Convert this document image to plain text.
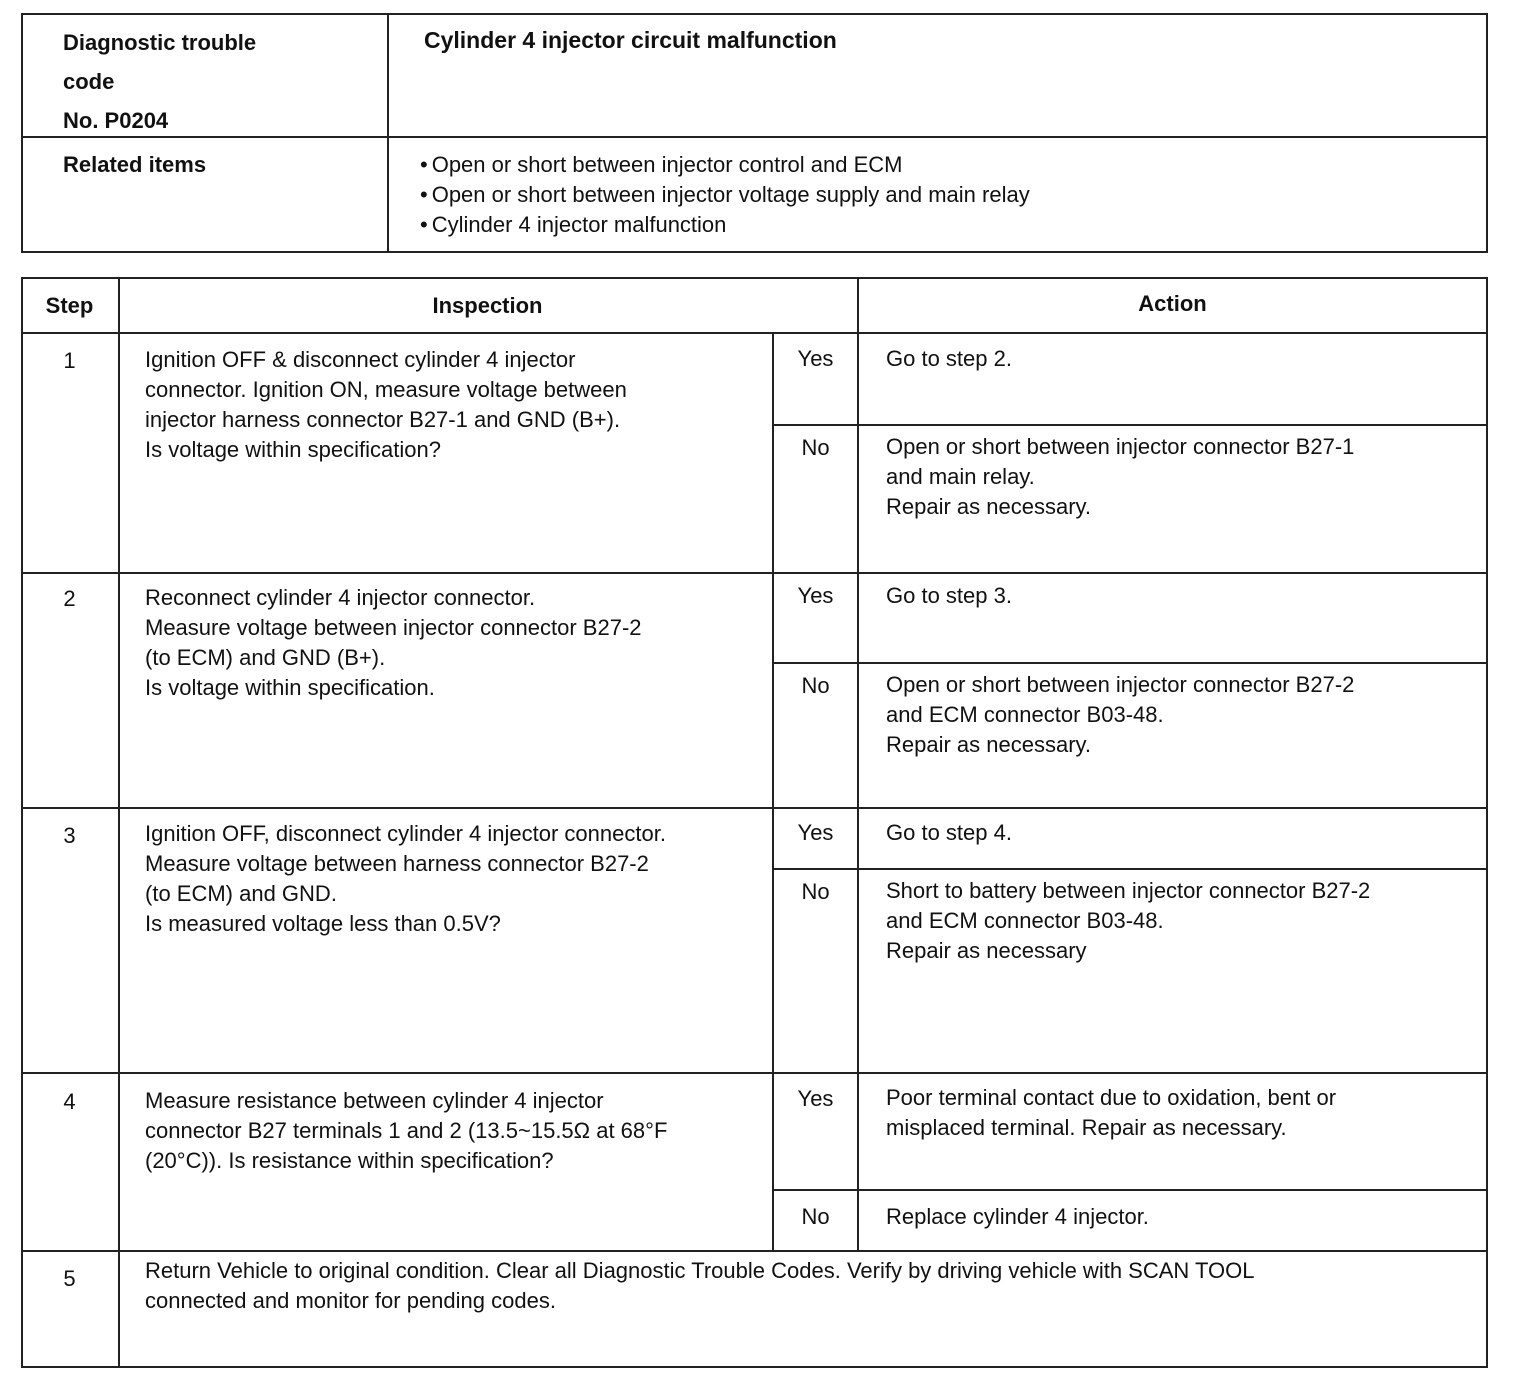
Diagnostic trouble
code
No. P0204
Cylinder 4 injector circuit malfunction
Related items
•	Open or short between injector control and ECM
• Open or short between injector voltage supply and main relay
• Cylinder 4 injector malfunction
Step	Inspection	Action
1	Ignition OFF & disconnect cylinder 4 injector
connector. Ignition ON, measure voltage between
injector harness connector B27-1 and GND (B+).
Is voltage within specification?
Yes	Go to step 2.
No	Open or short between injector connector B27-1
and main relay.
Repair as necessary.
2	Reconnect cylinder 4 injector connector.
Measure voltage between injector connector B27-2
(to ECM) and GND (B+).
Is voltage within specification.
Yes	Go to step 3.
No	Open or short between injector connector B27-2
and ECM connector B03-48.
Repair as necessary.
3	Ignition OFF, disconnect cylinder 4 injector connector.
Measure voltage between harness connector B27-2
(to ECM) and GND.
Is measured voltage less than 0.5V?
Yes	Go to step 4.
No	Short to battery between injector connector B27-2
and ECM connector B03-48.
Repair as necessary
4	Measure resistance between cylinder 4 injector
connector B27 terminals 1 and 2 (13.5~15.5Ω at 68°F
(20°C)). Is resistance within specification?
Yes	Poor terminal contact due to oxidation, bent or
misplaced terminal. Repair as necessary.
No	Replace cylinder 4 injector.
5	Return Vehicle to original condition. Clear all Diagnostic Trouble Codes. Verify by driving vehicle with SCAN TOOL
connected and monitor for pending codes.
